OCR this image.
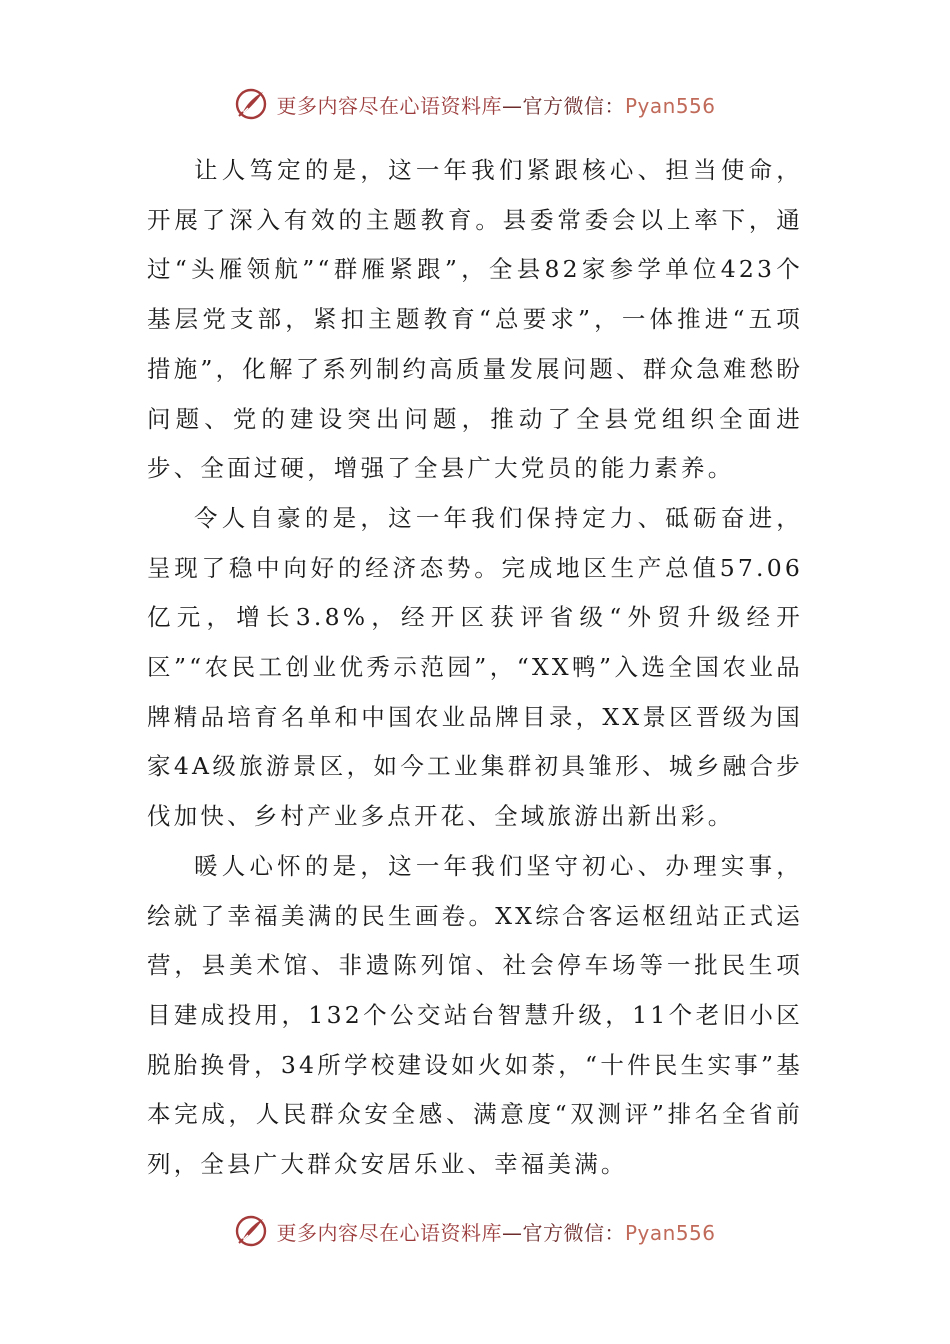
更多内容尽在心语资料库—官方微信：Pyan556

让人笃定的是，这一年我们紧跟核心、担当使命，开展了深入有效的主题教育。县委常委会以上率下，通过“头雁领航”“群雁紧跟”，全县82家参学单位423个基层党支部，紧扣主题教育“总要求”，一体推进“五项措施”，化解了系列制约高质量发展问题、群众急难愁盼问题、党的建设突出问题，推动了全县党组织全面进步、全面过硬，增强了全县广大党员的能力素养。

令人自豪的是，这一年我们保持定力、砥砺奋进，呈现了稳中向好的经济态势。完成地区生产总值57.06亿元，增长3.8%，经开区获评省级“外贸升级经开区”“农民工创业优秀示范园”，“XX鸭”入选全国农业品牌精品培育名单和中国农业品牌目录，XX景区晋级为国家4A级旅游景区，如今工业集群初具雏形、城乡融合步伐加快、乡村产业多点开花、全域旅游出新出彩。

暖人心怀的是，这一年我们坚守初心、办理实事，绘就了幸福美满的民生画卷。XX综合客运枢纽站正式运营，县美术馆、非遗陈列馆、社会停车场等一批民生项目建成投用，132个公交站台智慧升级，11个老旧小区脱胎换骨，34所学校建设如火如荼，“十件民生实事”基本完成，人民群众安全感、满意度“双测评”排名全省前列，全县广大群众安居乐业、幸福美满。

更多内容尽在心语资料库—官方微信：Pyan556
